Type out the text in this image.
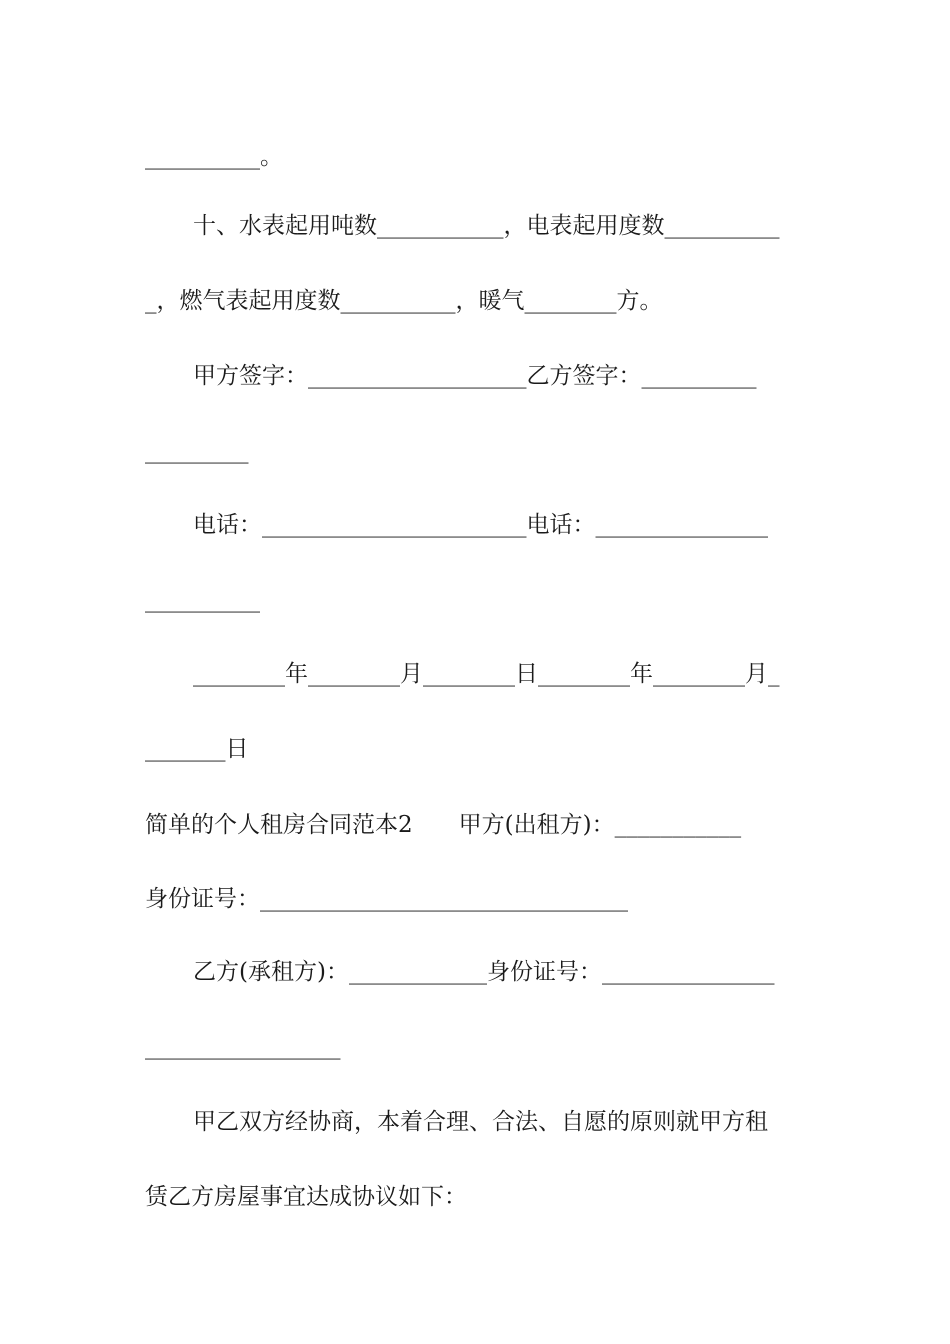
__________。
十、水表起用吨数___________，电表起用度数__________
_，燃气表起用度数__________，暖气________方。
甲方签字：___________________乙方签字：__________
_________
电话：_______________________电话：_______________
__________
________年________月________日________年________月_
_______日
简单的个人租房合同范本2　　甲方(出租方)：___________
身份证号：________________________________
乙方(承租方)：____________身份证号：_______________
_________________
甲乙双方经协商，本着合理、合法、自愿的原则就甲方租
赁乙方房屋事宜达成协议如下：
